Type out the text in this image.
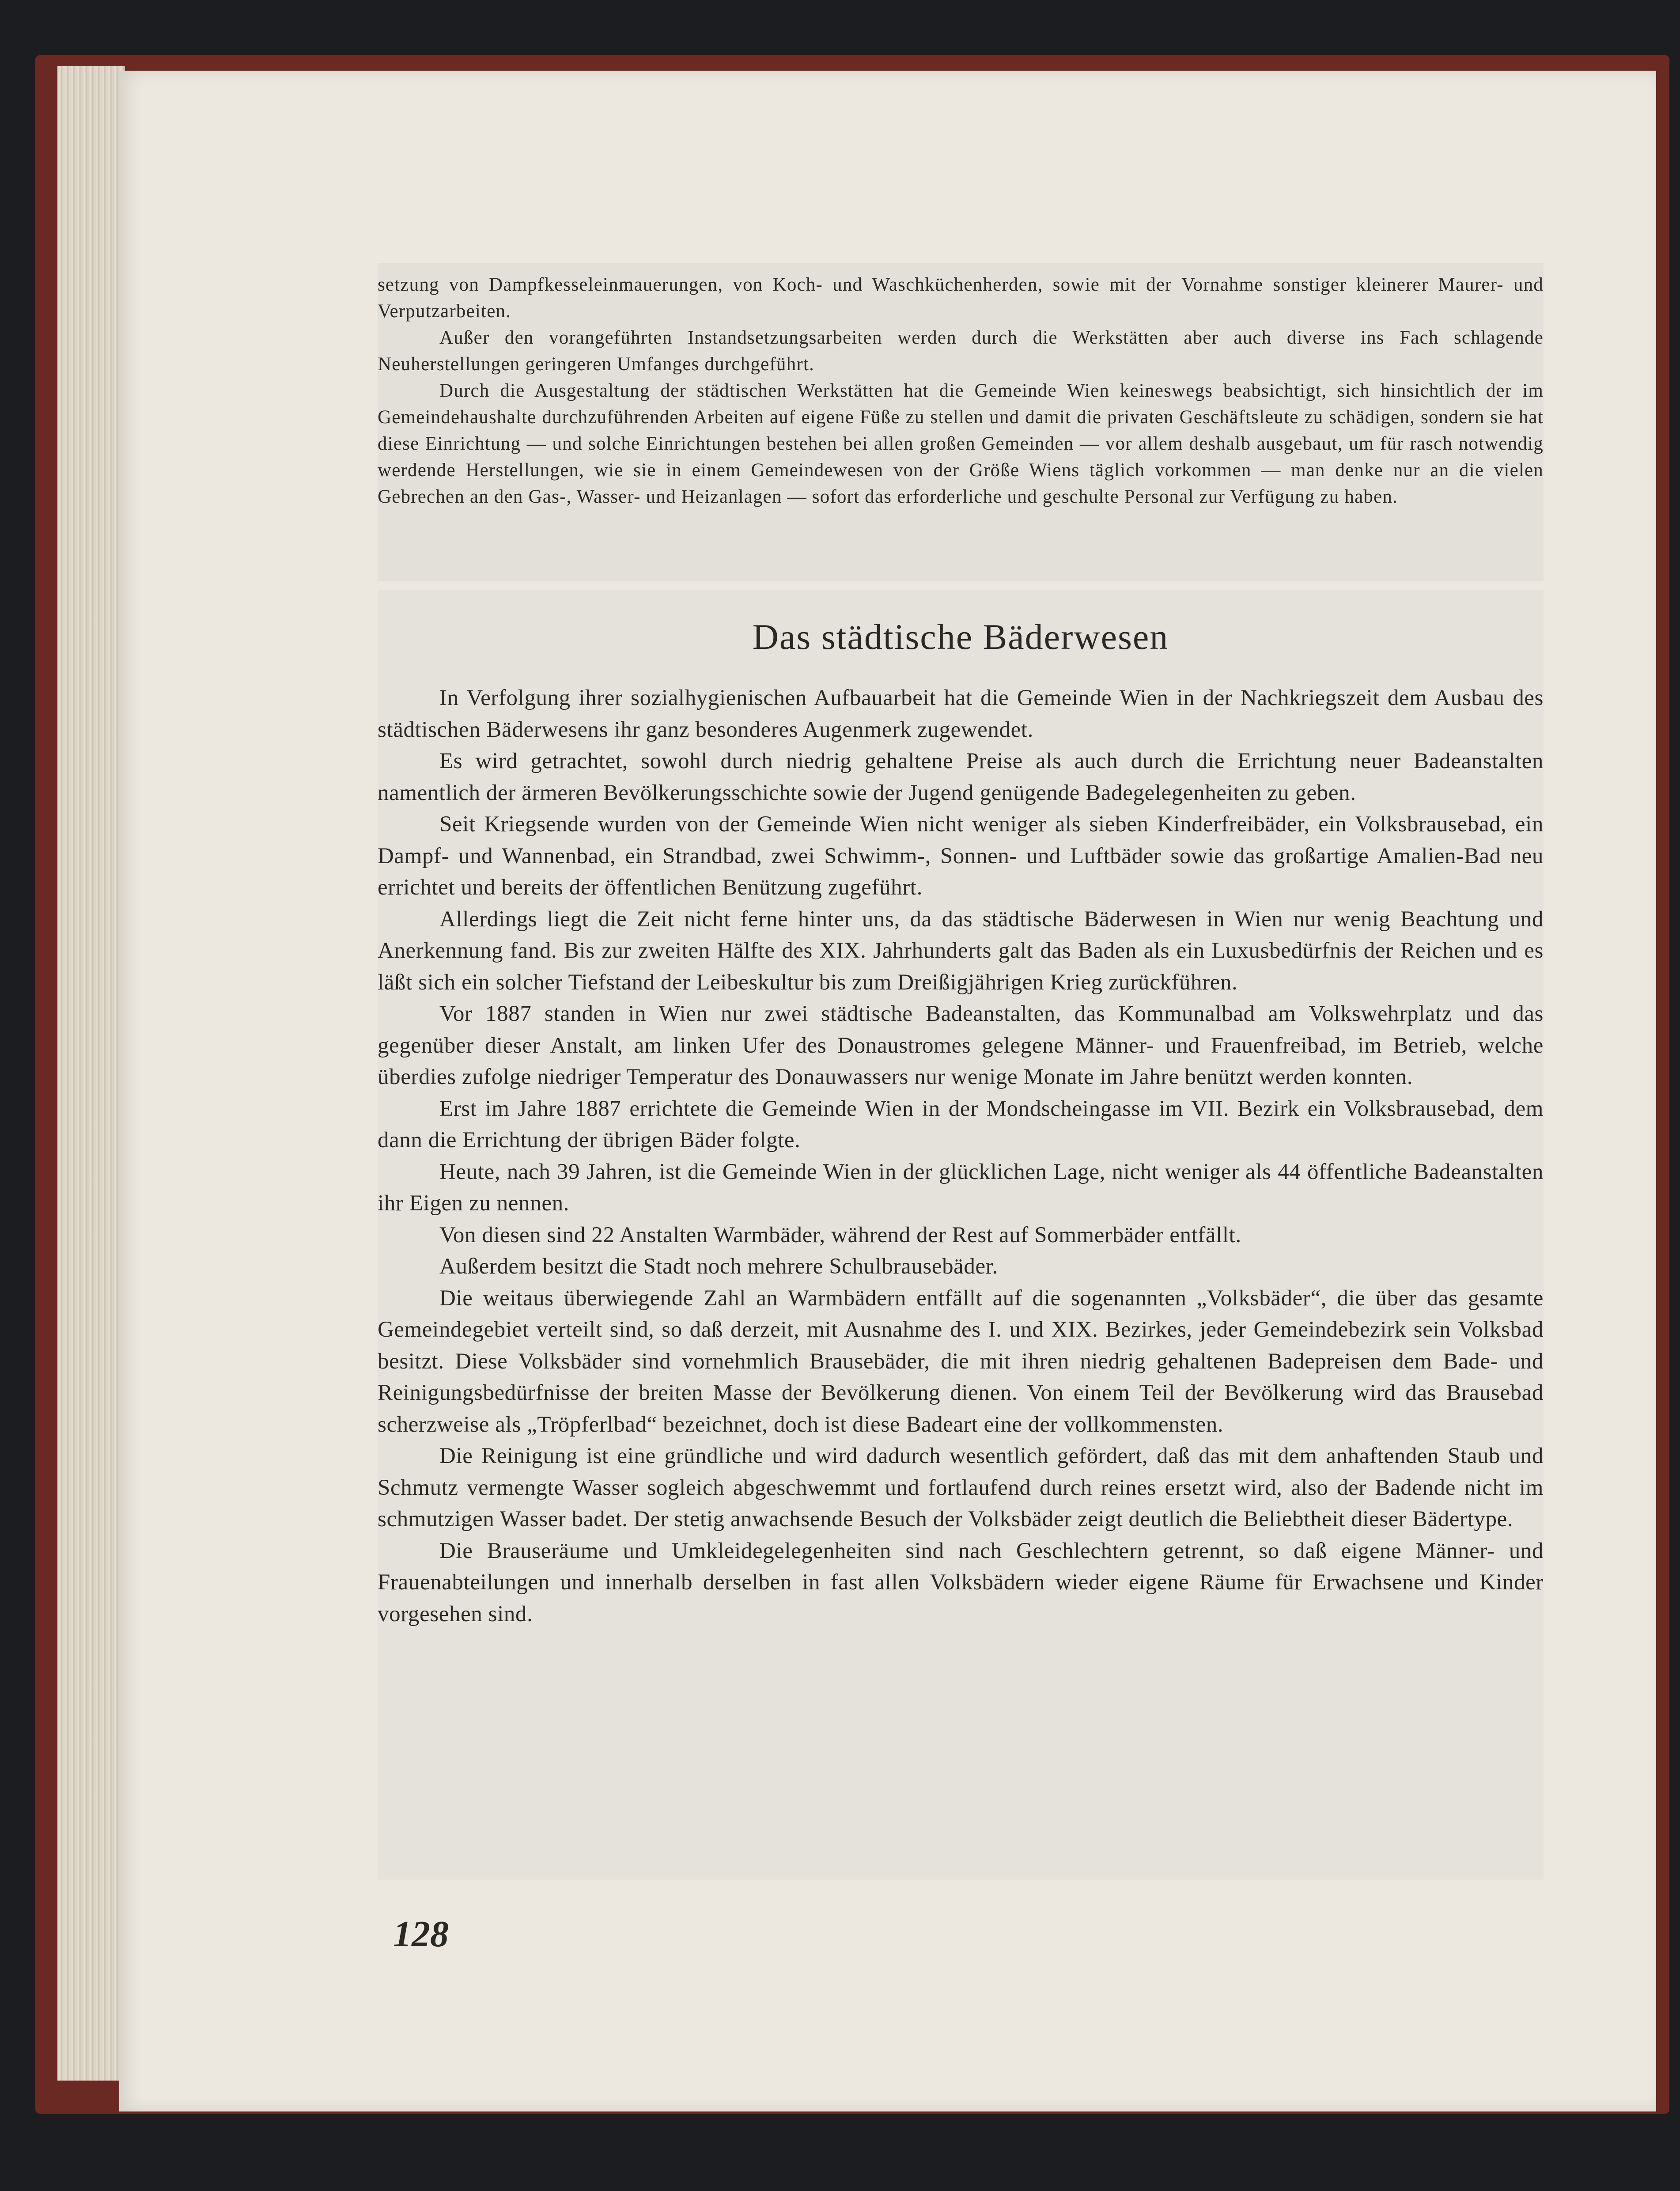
setzung von Dampfkesseleinmauerungen, von Koch- und Waschküchenherden, sowie mit der Vornahme sonstiger kleinerer Maurer- und Verputzarbeiten.

Außer den vorangeführten Instandsetzungsarbeiten werden durch die Werkstätten aber auch diverse ins Fach schlagende Neuherstellungen geringeren Umfanges durchgeführt.

Durch die Ausgestaltung der städtischen Werkstätten hat die Gemeinde Wien keineswegs beabsichtigt, sich hinsichtlich der im Gemeindehaushalte durchzuführenden Arbeiten auf eigene Füße zu stellen und damit die privaten Geschäftsleute zu schädigen, sondern sie hat diese Einrichtung — und solche Einrichtungen bestehen bei allen großen Gemeinden — vor allem deshalb ausgebaut, um für rasch notwendig werdende Herstellungen, wie sie in einem Gemeindewesen von der Größe Wiens täglich vorkommen — man denke nur an die vielen Gebrechen an den Gas-, Wasser- und Heizanlagen — sofort das erforderliche und geschulte Personal zur Verfügung zu haben.

Das städtische Bäderwesen

In Verfolgung ihrer sozialhygienischen Aufbauarbeit hat die Gemeinde Wien in der Nachkriegszeit dem Ausbau des städtischen Bäderwesens ihr ganz besonderes Augenmerk zugewendet.

Es wird getrachtet, sowohl durch niedrig gehaltene Preise als auch durch die Errichtung neuer Badeanstalten namentlich der ärmeren Bevölkerungsschichte sowie der Jugend genügende Badegelegenheiten zu geben.

Seit Kriegsende wurden von der Gemeinde Wien nicht weniger als sieben Kinderfreibäder, ein Volksbrausebad, ein Dampf- und Wannenbad, ein Strandbad, zwei Schwimm-, Sonnen- und Luftbäder sowie das großartige Amalien-Bad neu errichtet und bereits der öffentlichen Benützung zugeführt.

Allerdings liegt die Zeit nicht ferne hinter uns, da das städtische Bäderwesen in Wien nur wenig Beachtung und Anerkennung fand. Bis zur zweiten Hälfte des XIX. Jahrhunderts galt das Baden als ein Luxusbedürfnis der Reichen und es läßt sich ein solcher Tiefstand der Leibeskultur bis zum Dreißigjährigen Krieg zurückführen.

Vor 1887 standen in Wien nur zwei städtische Badeanstalten, das Kommunalbad am Volkswehrplatz und das gegenüber dieser Anstalt, am linken Ufer des Donaustromes gelegene Männer- und Frauenfreibad, im Betrieb, welche überdies zufolge niedriger Temperatur des Donauwassers nur wenige Monate im Jahre benützt werden konnten.

Erst im Jahre 1887 errichtete die Gemeinde Wien in der Mondscheingasse im VII. Bezirk ein Volksbrausebad, dem dann die Errichtung der übrigen Bäder folgte.

Heute, nach 39 Jahren, ist die Gemeinde Wien in der glücklichen Lage, nicht weniger als 44 öffentliche Badeanstalten ihr Eigen zu nennen.

Von diesen sind 22 Anstalten Warmbäder, während der Rest auf Sommerbäder entfällt.

Außerdem besitzt die Stadt noch mehrere Schulbrausebäder.

Die weitaus überwiegende Zahl an Warmbädern entfällt auf die sogenannten „Volksbäder“, die über das gesamte Gemeindegebiet verteilt sind, so daß derzeit, mit Ausnahme des I. und XIX. Bezirkes, jeder Gemeindebezirk sein Volksbad besitzt. Diese Volksbäder sind vornehmlich Brausebäder, die mit ihren niedrig gehaltenen Badepreisen dem Bade- und Reinigungsbedürfnisse der breiten Masse der Bevölkerung dienen. Von einem Teil der Bevölkerung wird das Brausebad scherzweise als „Tröpferlbad“ bezeichnet, doch ist diese Badeart eine der vollkommensten.

Die Reinigung ist eine gründliche und wird dadurch wesentlich gefördert, daß das mit dem anhaftenden Staub und Schmutz vermengte Wasser sogleich abgeschwemmt und fortlaufend durch reines ersetzt wird, also der Badende nicht im schmutzigen Wasser badet. Der stetig anwachsende Besuch der Volksbäder zeigt deutlich die Beliebtheit dieser Bädertype.

Die Brauseräume und Umkleidegelegenheiten sind nach Geschlechtern getrennt, so daß eigene Männer- und Frauenabteilungen und innerhalb derselben in fast allen Volksbädern wieder eigene Räume für Erwachsene und Kinder vorgesehen sind.

128
